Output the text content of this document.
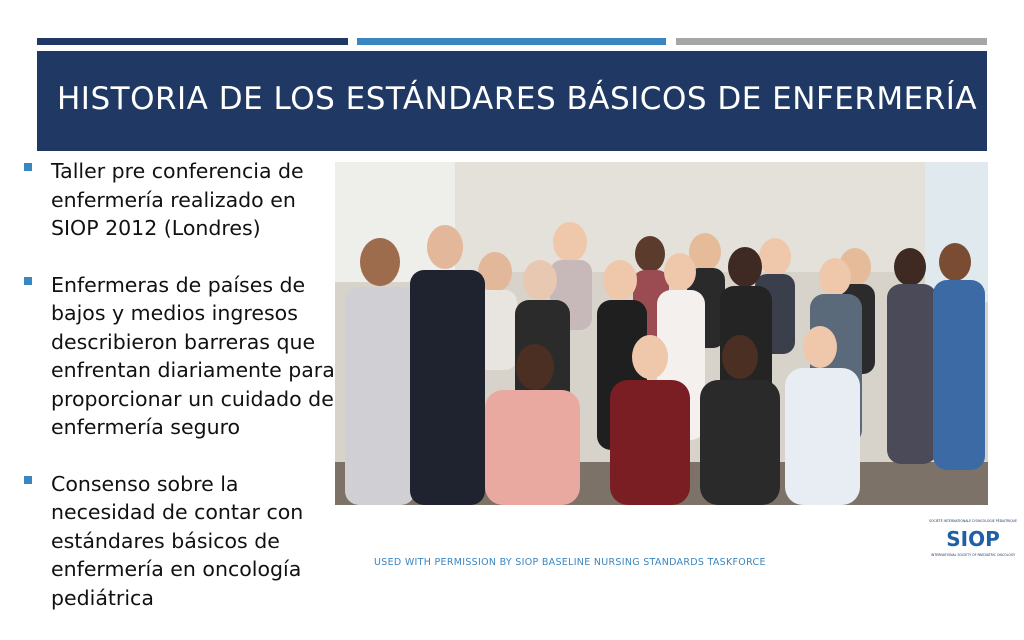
HISTORIA DE LOS ESTÁNDARES BÁSICOS DE ENFERMERÍA
Taller pre conferencia de enfermería realizado en SIOP 2012 (Londres)
Enfermeras de países de bajos y medios ingresos describieron barreras que enfrentan diariamente para proporcionar un cuidado de enfermería seguro
Consenso sobre la necesidad de contar con estándares básicos de enfermería en oncología pediátrica
USED WITH PERMISSION BY SIOP BASELINE NURSING STANDARDS TASKFORCE
SOCIÉTÉ INTERNATIONALE D'ONCOLOGIE PÉDIATRIQUE
SIOP
INTERNATIONAL SOCIETY OF PAEDIATRIC ONCOLOGY
